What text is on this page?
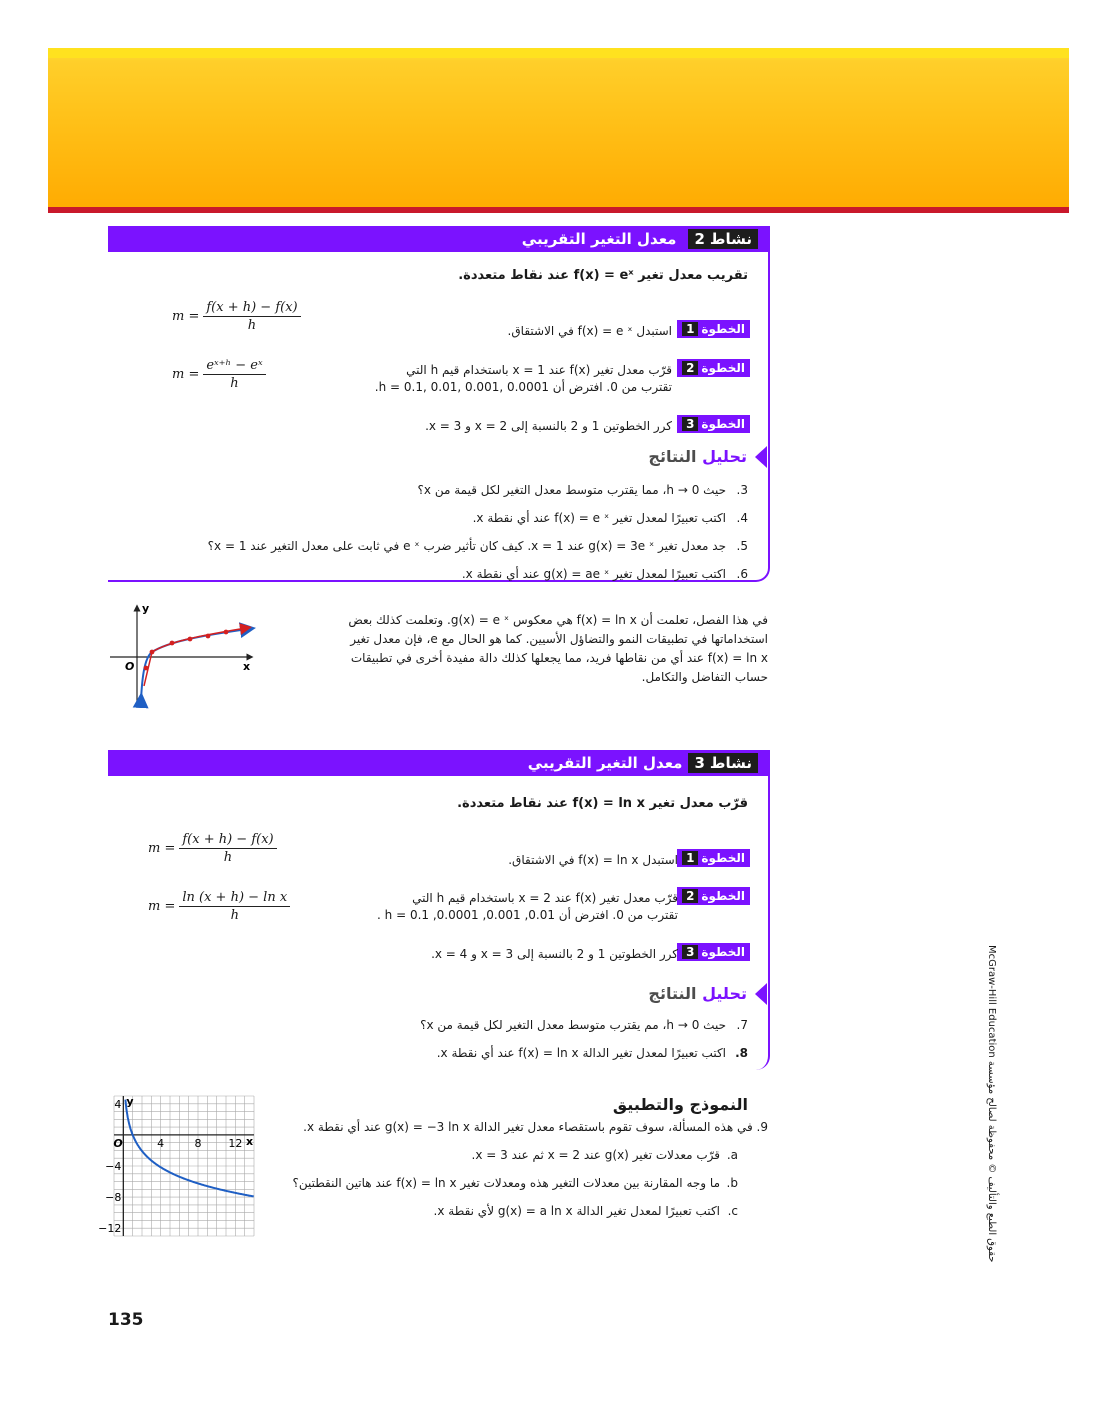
نشاط
2
معدل التغير التقريبي
تقريب معدل تغير f(x) = eˣ عند نقاط متعددة.
$m = \frac{f(x + h) - f(x)}{h}$
$m = \frac{\text{eˣ⁺ʰ − eˣ}}{h}$
الخطوة1
استبدل f(x) = e ˣ في الاشتقاق.
الخطوة2
قرّب معدل تغير f(x) عند x = 1 باستخدام قيم h التي
تقترب من 0. افترض أن 0.0001 ,0.001 ,0.01 ,0.1 = h.
الخطوة3
كرر الخطوتين 1 و 2 بالنسبة إلى x = 2 و x = 3.
تحليل النتائج
3.
حيث h → 0، مما يقترب متوسط معدل التغير لكل قيمة من x؟
4.
اكتب تعبيرًا لمعدل تغير f(x) = e ˣ عند أي نقطة x.
5.
جد معدل تغير g(x) = 3e ˣ عند x = 1. كيف كان تأثير ضرب e ˣ في ثابت على معدل التغير عند x = 1؟
6.
اكتب تعبيرًا لمعدل تغير g(x) = ae ˣ عند أي نقطة x.
في هذا الفصل، تعلمت أن f(x) = ln x هي معكوس g(x) = e ˣ. وتعلمت كذلك بعض
استخداماتها في تطبيقات النمو والتضاؤل الأسيين. كما هو الحال مع e، فإن معدل تغير
f(x) = ln x عند أي من نقاطها فريد، مما يجعلها كذلك دالة مفيدة أخرى في تطبيقات
حساب التفاضل والتكامل.
y
x
O
نشاط
3
معدل التغير التقريبي
قرّب معدل تغير f(x) = ln x عند نقاط متعددة.
$m = \frac{f(x + h) - f(x)}{h}$
$m = \frac{\text{ln (x + h) − ln x}}{h}$
الخطوة1
استبدل f(x) = ln x في الاشتقاق.
الخطوة2
قرّب معدل تغير f(x) عند x = 2 باستخدام قيم h التي
تقترب من 0. افترض أن h = 0.1 ,0.0001 ,0.001 ,0.01 .
الخطوة3
كرر الخطوتين 1 و 2 بالنسبة إلى x = 3 و x = 4.
تحليل النتائج
7.
حيث h → 0، مم يقترب متوسط معدل التغير لكل قيمة من x؟
8.
اكتب تعبيرًا لمعدل تغير الدالة f(x) = ln x عند أي نقطة x.
النموذج والتطبيق
9. في هذه المسألة، سوف تقوم باستقصاء معدل تغير الدالة g(x) = −3 ln x عند أي نقطة x.
a.
قرّب معدلات تغير g(x) عند x = 2 ثم عند x = 3.
b.
ما وجه المقارنة بين معدلات التغير هذه ومعدلات تغير f(x) = ln x عند هاتين النقطتين؟
c.
اكتب تعبيرًا لمعدل تغير الدالة g(x) = a ln x لأي نقطة x.
y
x
O	4	8 12
4
−4
−8
−12
135
حقوق الطبع والتأليف © محفوظة لصالح مؤسسة McGraw-Hill Education
